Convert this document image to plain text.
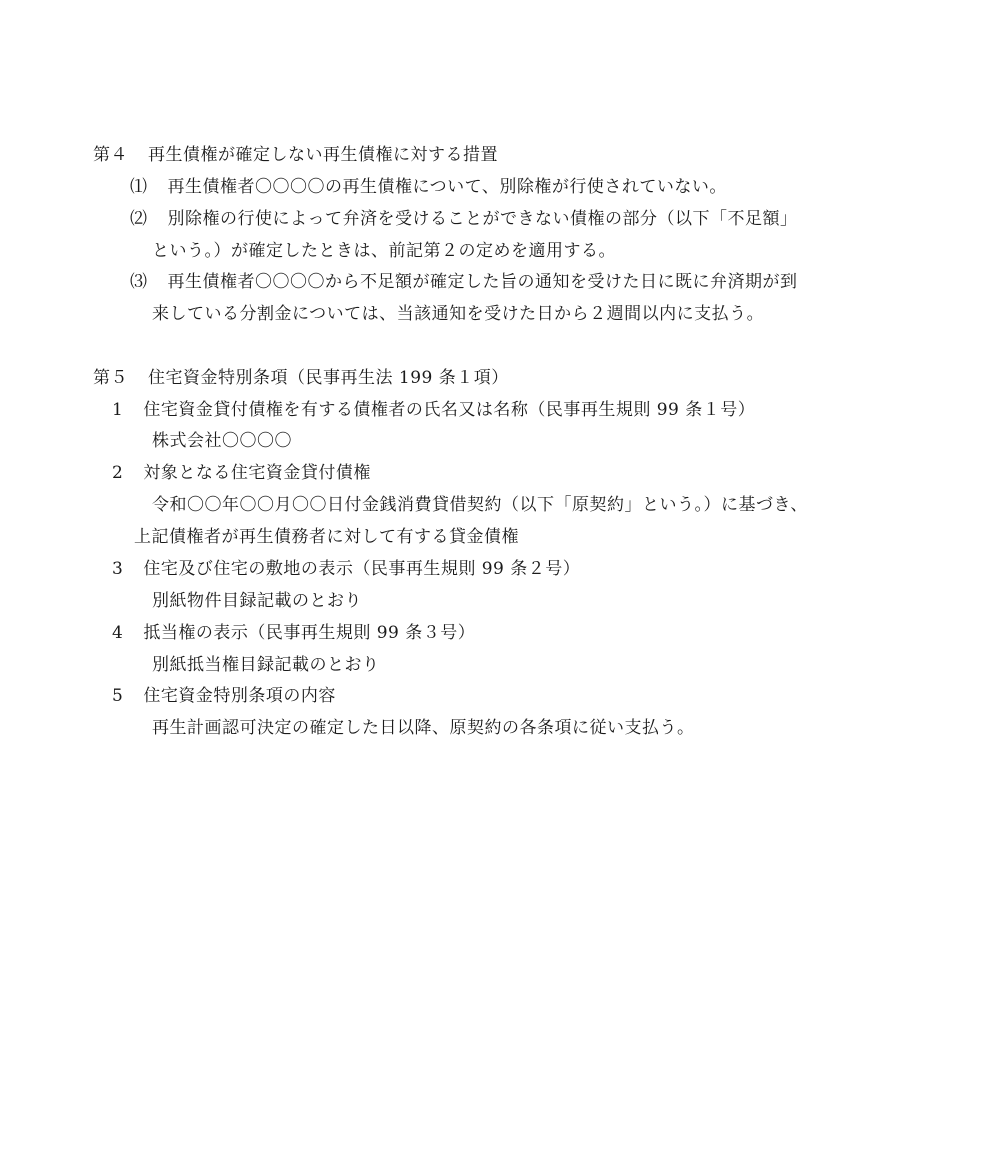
第４ 再生債権が確定しない再生債権に対する措置
⑴ 再生債権者〇〇〇〇の再生債権について、別除権が行使されていない。
⑵ 別除権の行使によって弁済を受けることができない債権の部分（以下「不足額」
という。）が確定したときは、前記第２の定めを適用する。
⑶ 再生債権者〇〇〇〇から不足額が確定した旨の通知を受けた日に既に弁済期が到
来している分割金については、当該通知を受けた日から２週間以内に支払う。
第５ 住宅資金特別条項（民事再生法 199 条１項）
1 住宅資金貸付債権を有する債権者の氏名又は名称（民事再生規則 99 条１号）
株式会社〇〇〇〇
2 対象となる住宅資金貸付債権
令和〇〇年〇〇月〇〇日付金銭消費貸借契約（以下「原契約」という。）に基づき、
上記債権者が再生債務者に対して有する貸金債権
3 住宅及び住宅の敷地の表示（民事再生規則 99 条２号）
別紙物件目録記載のとおり
4 抵当権の表示（民事再生規則 99 条３号）
別紙抵当権目録記載のとおり
5 住宅資金特別条項の内容
再生計画認可決定の確定した日以降、原契約の各条項に従い支払う。
